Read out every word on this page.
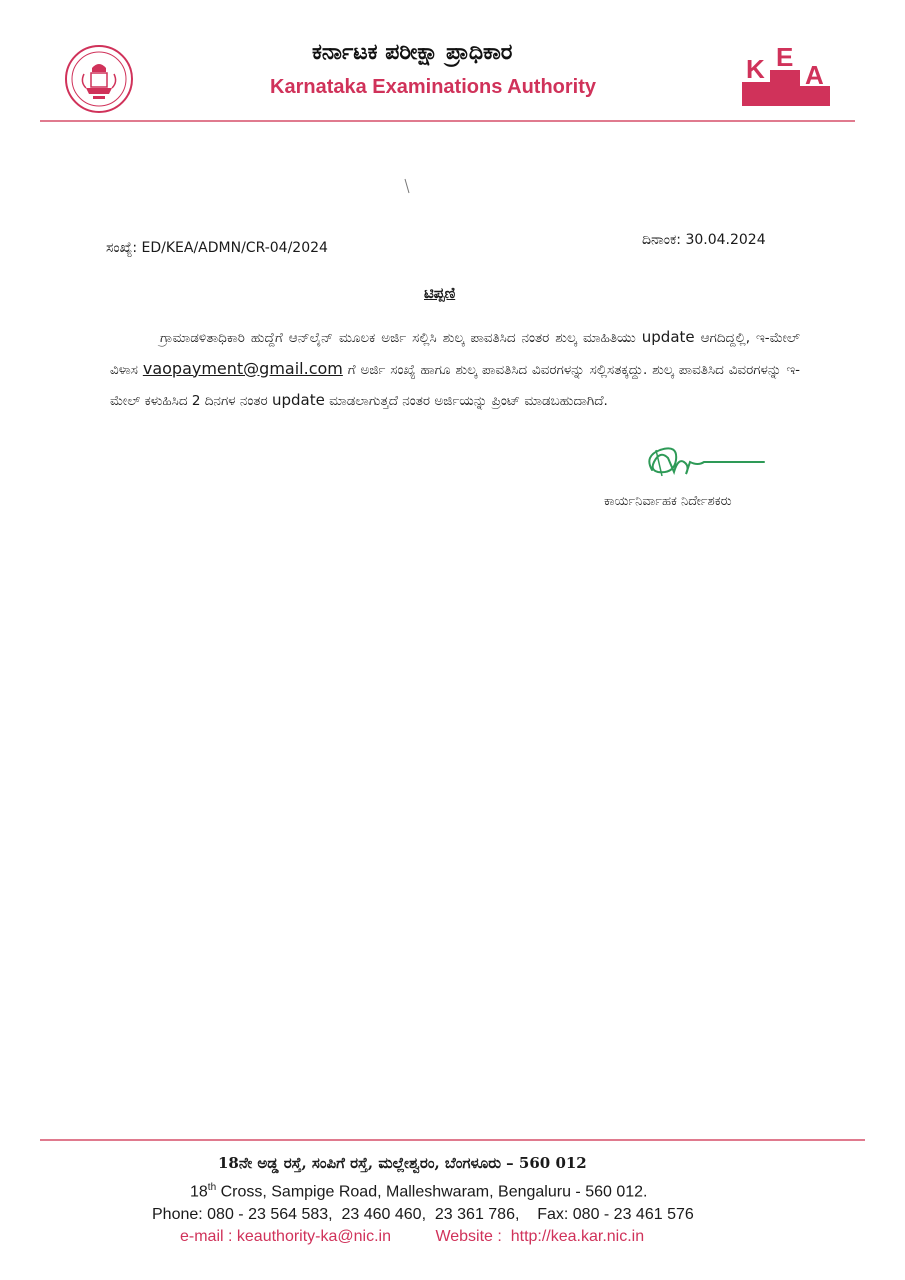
ಕರ್ನಾಟಕ ಪರೀಕ್ಷಾ ಪ್ರಾಧಿಕಾರ
Karnataka Examinations Authority
K E
A
ಸಂಖ್ಯೆ: ED/KEA/ADMN/CR-04/2024	ದಿನಾಂಕ: 30.04.2024
ಟಿಪ್ಪಣಿ
ಗ್ರಾಮಾಡಳಿತಾಧಿಕಾರಿ ಹುದ್ದೆಗೆ ಆನ್‌ಲೈನ್ ಮೂಲಕ ಅರ್ಜಿ ಸಲ್ಲಿಸಿ ಶುಲ್ಕ ಪಾವತಿಸಿದ ನಂತರ ಶುಲ್ಕ ಮಾಹಿತಿಯು update ಆಗದಿದ್ದಲ್ಲಿ, ಇ-ಮೇಲ್ ವಿಳಾಸ vaopayment@gmail.com ಗೆ ಅರ್ಜಿ ಸಂಖ್ಯೆ ಹಾಗೂ ಶುಲ್ಕ ಪಾವತಿಸಿದ ವಿವರಗಳನ್ನು ಸಲ್ಲಿಸತಕ್ಕದ್ದು. ಶುಲ್ಕ ಪಾವತಿಸಿದ ವಿವರಗಳನ್ನು ಇ-ಮೇಲ್ ಕಳುಹಿಸಿದ 2 ದಿನಗಳ ನಂತರ update ಮಾಡಲಾಗುತ್ತದೆ ನಂತರ ಅರ್ಜಿಯನ್ನು ಪ್ರಿಂಟ್ ಮಾಡಬಹುದಾಗಿದೆ.
ಕಾರ್ಯನಿರ್ವಾಹಕ ನಿರ್ದೇಶಕರು
18ನೇ ಅಡ್ಡ ರಸ್ತೆ, ಸಂಪಿಗೆ ರಸ್ತೆ, ಮಲ್ಲೇಶ್ವರಂ, ಬೆಂಗಳೂರು – 560 012
18th Cross, Sampige Road, Malleshwaram, Bengaluru - 560 012.
Phone: 080 - 23 564 583,  23 460 460,  23 361 786,    Fax: 080 - 23 461 576
e-mail : keauthority-ka@nic.in	Website :  http://kea.kar.nic.in
